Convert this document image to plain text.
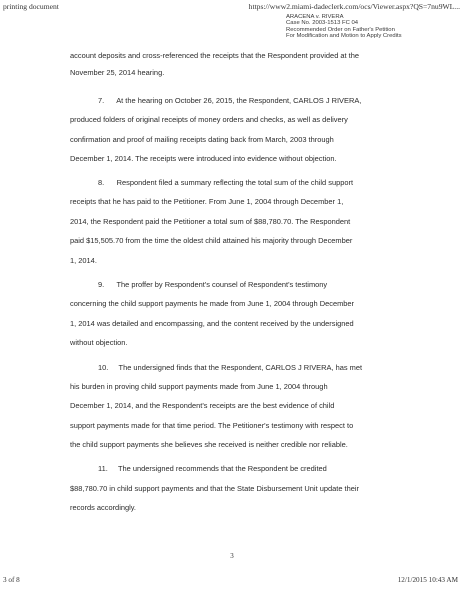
printing document	https://www2.miami-dadeclerk.com/ocs/Viewer.aspx?QS=7nu9WL...
ARACENA v. RIVERA
Case No. 2003-1513 FC 04
Recommended Order on Father's Petition
For Modification and Motion to Apply Credits
account deposits and cross-referenced the receipts that the Respondent provided at the
November 25, 2014 hearing.
7.      At the hearing on October 26, 2015, the Respondent, CARLOS J RIVERA,
produced folders of original receipts of money orders and checks, as well as delivery
confirmation and proof of mailing receipts dating back from March, 2003 through
December 1, 2014. The receipts were introduced into evidence without objection.
8.      Respondent filed a summary reflecting the total sum of the child support
receipts that he has paid to the Petitioner. From June 1, 2004 through December 1,
2014, the Respondent paid the Petitioner a total sum of $88,780.70. The Respondent
paid $15,505.70 from the time the oldest child attained his majority through December
1, 2014.
9.      The proffer by Respondent's counsel of Respondent's testimony
concerning the child support payments he made from June 1, 2004 through December
1, 2014 was detailed and encompassing, and the content received by the undersigned
without objection.
10.     The undersigned finds that the Respondent, CARLOS J RIVERA, has met
his burden in proving child support payments made from June 1, 2004 through
December 1, 2014, and the Respondent's receipts are the best evidence of child
support payments made for that time period. The Petitioner's testimony with respect to
the child support payments she believes she received is neither credible nor reliable.
11.     The undersigned recommends that the Respondent be credited
$88,780.70 in child support payments and that the State Disbursement Unit update their
records accordingly.
3
3 of 8	12/1/2015 10:43 AM
